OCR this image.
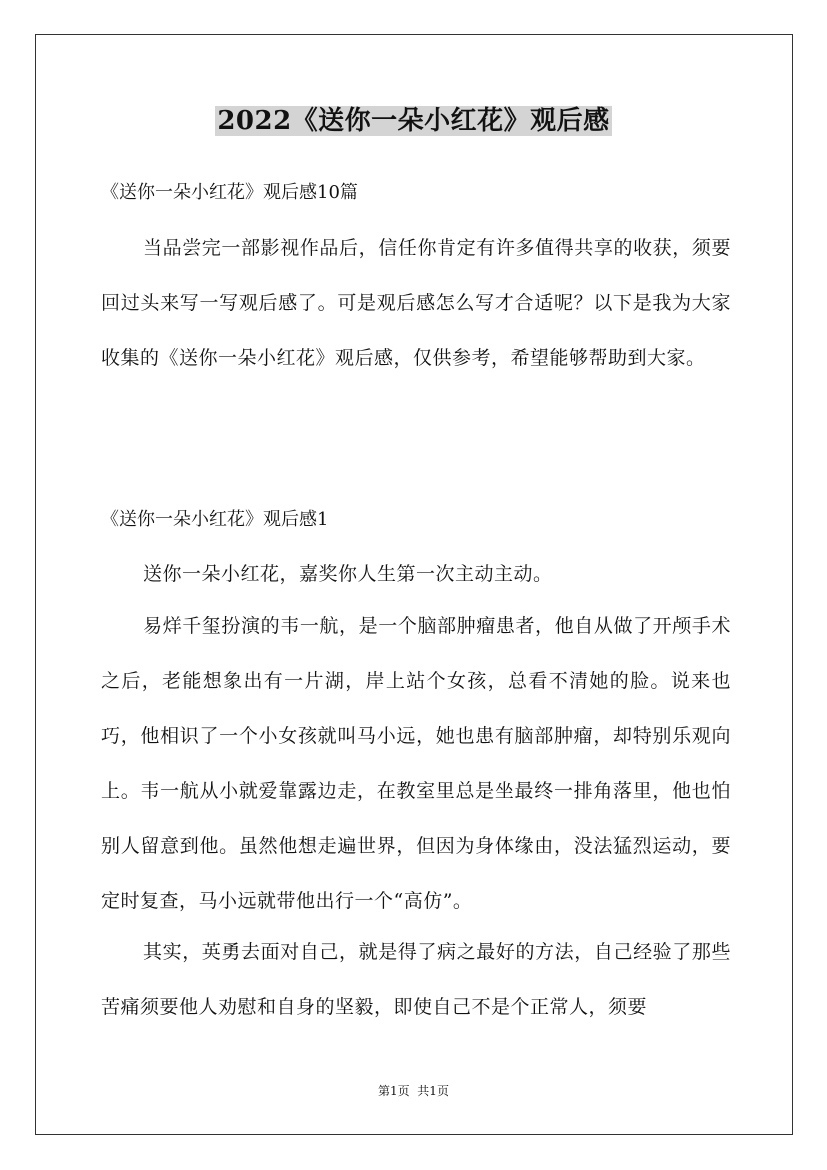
2022《送你一朵小红花》观后感
《送你一朵小红花》观后感10篇
当品尝完一部影视作品后，信任你肯定有许多值得共享的收获，须要回过头来写一写观后感了。可是观后感怎么写才合适呢？以下是我为大家收集的《送你一朵小红花》观后感，仅供参考，希望能够帮助到大家。
《送你一朵小红花》观后感1
送你一朵小红花，嘉奖你人生第一次主动主动。
易烊千玺扮演的韦一航，是一个脑部肿瘤患者，他自从做了开颅手术之后，老能想象出有一片湖，岸上站个女孩，总看不清她的脸。说来也巧，他相识了一个小女孩就叫马小远，她也患有脑部肿瘤，却特别乐观向上。韦一航从小就爱靠露边走，在教室里总是坐最终一排角落里，他也怕别人留意到他。虽然他想走遍世界，但因为身体缘由，没法猛烈运动，要定时复查，马小远就带他出行一个“高仿”。
其实，英勇去面对自己，就是得了病之最好的方法，自己经验了那些苦痛须要他人劝慰和自身的坚毅，即使自己不是个正常人，须要
第1页  共1页
